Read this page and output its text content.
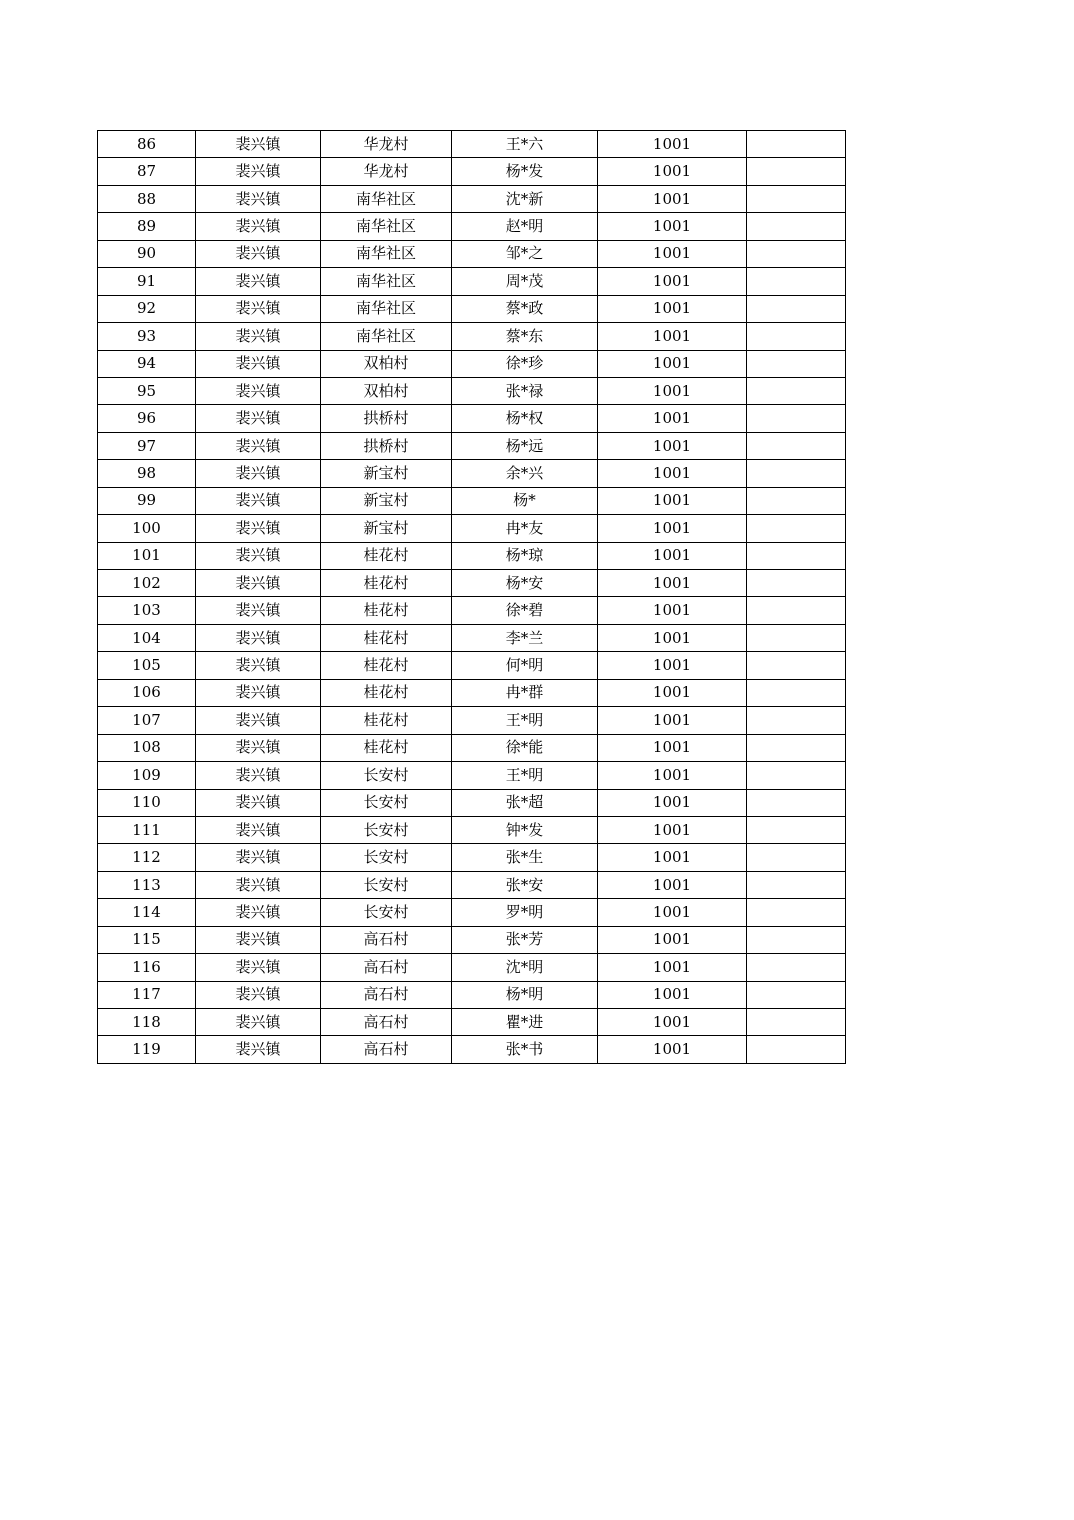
86	裴兴镇	华龙村	王*六	1001	
87	裴兴镇	华龙村	杨*发	1001	
88	裴兴镇	南华社区	沈*新	1001	
89	裴兴镇	南华社区	赵*明	1001	
90	裴兴镇	南华社区	邹*之	1001	
91	裴兴镇	南华社区	周*茂	1001	
92	裴兴镇	南华社区	蔡*政	1001	
93	裴兴镇	南华社区	蔡*东	1001	
94	裴兴镇	双柏村	徐*珍	1001	
95	裴兴镇	双柏村	张*禄	1001	
96	裴兴镇	拱桥村	杨*权	1001	
97	裴兴镇	拱桥村	杨*远	1001	
98	裴兴镇	新宝村	余*兴	1001	
99	裴兴镇	新宝村	杨*	1001	
100	裴兴镇	新宝村	冉*友	1001	
101	裴兴镇	桂花村	杨*琼	1001	
102	裴兴镇	桂花村	杨*安	1001	
103	裴兴镇	桂花村	徐*碧	1001	
104	裴兴镇	桂花村	李*兰	1001	
105	裴兴镇	桂花村	何*明	1001	
106	裴兴镇	桂花村	冉*群	1001	
107	裴兴镇	桂花村	王*明	1001	
108	裴兴镇	桂花村	徐*能	1001	
109	裴兴镇	长安村	王*明	1001	
110	裴兴镇	长安村	张*超	1001	
111	裴兴镇	长安村	钟*发	1001	
112	裴兴镇	长安村	张*生	1001	
113	裴兴镇	长安村	张*安	1001	
114	裴兴镇	长安村	罗*明	1001	
115	裴兴镇	高石村	张*芳	1001	
116	裴兴镇	高石村	沈*明	1001	
117	裴兴镇	高石村	杨*明	1001	
118	裴兴镇	高石村	瞿*进	1001	
119	裴兴镇	高石村	张*书	1001	
